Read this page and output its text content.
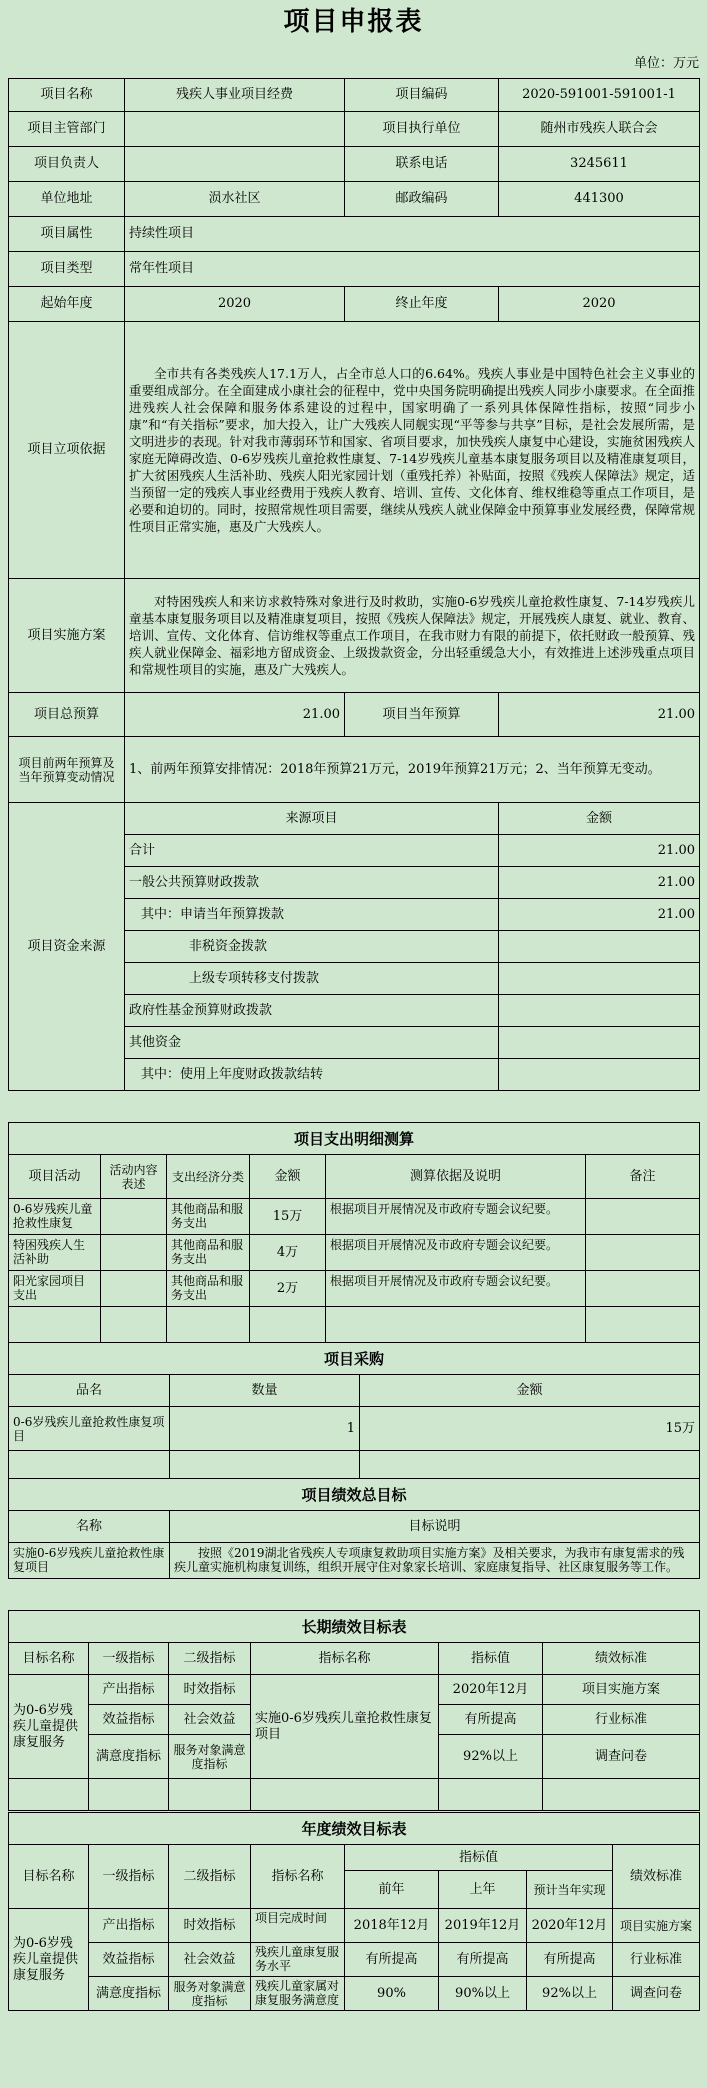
项目申报表
单位：万元
项目名称	残疾人事业项目经费	项目编码	2020-591001-591001-1
项目主管部门		项目执行单位	随州市残疾人联合会
项目负责人		联系电话	3245611
单位地址	涢水社区	邮政编码	441300
项目属性	持续性项目		
项目类型	常年性项目		
起始年度	2020	终止年度	2020
项目立项依据	全市共有各类残疾人17.1万人，占全市总人口的6.64%。残疾人事业是中国特色社会主义事业的重要组成部分。在全面建成小康社会的征程中，党中央国务院明确提出残疾人同步小康要求。在全面推进残疾人社会保障和服务体系建设的过程中，国家明确了一系列具体保障性指标，按照“同步小康”和“有关指标”要求，加大投入，让广大残疾人同舰实现“平等参与共享”目标，是社会发展所需，是文明进步的表现。针对我市薄弱环节和国家、省项目要求，加快残疾人康复中心建设，实施贫困残疾人家庭无障碍改造、0-6岁残疾儿童抢救性康复、7-14岁残疾儿童基本康复服务项目以及精准康复项目，扩大贫困残疾人生活补助、残疾人阳光家园计划（重残托养）补贴面，按照《残疾人保障法》规定，适当预留一定的残疾人事业经费用于残疾人教育、培训、宣传、文化体育、维权维稳等重点工作项目，是必要和迫切的。同时，按照常规性项目需要，继续从残疾人就业保障金中预算事业发展经费，保障常规性项目正常实施，惠及广大残疾人。		
项目实施方案	对特困残疾人和来访求救特殊对象进行及时救助，实施0-6岁残疾儿童抢救性康复、7-14岁残疾儿童基本康复服务项目以及精准康复项目，按照《残疾人保障法》规定，开展残疾人康复、就业、教育、培训、宣传、文化体育、信访维权等重点工作项目，在我市财力有限的前提下，依托财政一般预算、残疾人就业保障金、福彩地方留成资金、上级拨款资金，分出轻重缓急大小，有效推进上述涉残重点项目和常规性项目的实施，惠及广大残疾人。		
项目总预算	21.00	项目当年预算	21.00
项目前两年预算及当年预算变动情况	1、前两年预算安排情况：2018年预算21万元，2019年预算21万元；2、当年预算无变动。		
项目资金来源	来源项目		金额
	合计		21.00
	一般公共预算财政拨款		21.00
	其中：申请当年预算拨款		21.00
	非税资金拨款		
	上级专项转移支付拨款		
	政府性基金预算财政拨款		
	其他资金		
	其中：使用上年度财政拨款结转		
项目支出明细测算					
项目活动	活动内容表述	支出经济分类	金额	测算依据及说明	备注

0-6岁残疾儿童抢救性康复		其他商品和服务支出	15万	根据项目开展情况及市政府专题会议纪要。	

特困残疾人生活补助		其他商品和服务支出	4万	根据项目开展情况及市政府专题会议纪要。	

阳光家园项目支出		其他商品和服务支出	2万	根据项目开展情况及市政府专题会议纪要。	

项目采购		
品名	数量	金额
0-6岁残疾儿童抢救性康复项目	1	15万

项目绩效总目标	
名称	目标说明

实施0-6岁残疾儿童抢救性康复项目	按照《2019湖北省残疾人专项康复救助项目实施方案》及相关要求，为我市有康复需求的残疾儿童实施机构康复训练，组织开展守住对象家长培训、家庭康复指导、社区康复服务等工作。
长期绩效目标表					
目标名称	一级指标	二级指标	指标名称	指标值	绩效标准
为0-6岁残疾儿童提供康复服务	产出指标	时效指标	实施0-6岁残疾儿童抢救性康复项目	2020年12月	项目实施方案
	效益指标	社会效益		有所提高	行业标准
	满意度指标	服务对象满意度指标		92%以上	调查问卷

年度绩效目标表							
目标名称	一级指标	二级指标	指标名称	指标值			绩效标准
				前年	上年	预计当年实现	
为0-6岁残疾儿童提供康复服务	产出指标	时效指标	项目完成时间	2018年12月	2019年12月	2020年12月	项目实施方案
	效益指标	社会效益	残疾儿童康复服务水平	有所提高	有所提高	有所提高	行业标准
	满意度指标	服务对象满意度指标	残疾儿童家属对康复服务满意度	90%	90%以上	92%以上	调查问卷
